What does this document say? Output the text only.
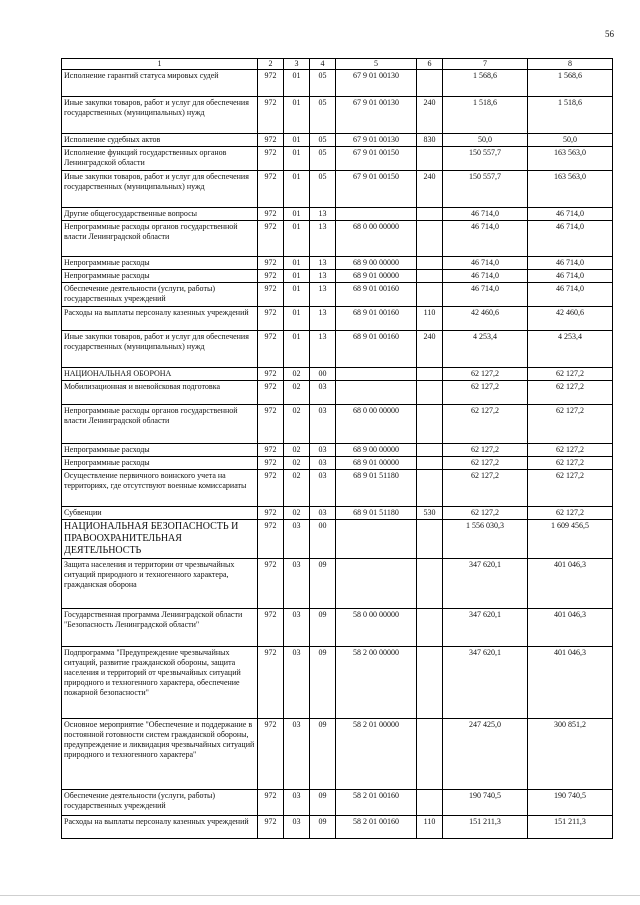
56
1	2	3	4	5	6	7	8
Исполнение гарантий статуса мировых судей	972	01	05	67 9 01 00130		1 568,6	1 568,6
Иные закупки товаров, работ и услуг для обеспечения государственных (муниципальных) нужд	972	01	05	67 9 01 00130	240	1 518,6	1 518,6
Исполнение судебных актов	972	01	05	67 9 01 00130	830	50,0	50,0
Исполнение функций государственных органов Ленинградской области	972	01	05	67 9 01 00150		150 557,7	163 563,0
Иные закупки товаров, работ и услуг для обеспечения государственных (муниципальных) нужд	972	01	05	67 9 01 00150	240	150 557,7	163 563,0
Другие общегосударственные вопросы	972	01	13			46 714,0	46 714,0
Непрограммные расходы органов государственной власти Ленинградской области	972	01	13	68 0 00 00000		46 714,0	46 714,0
Непрограммные расходы	972	01	13	68 9 00 00000		46 714,0	46 714,0
Непрограммные расходы	972	01	13	68 9 01 00000		46 714,0	46 714,0
Обеспечение деятельности (услуги, работы) государственных учреждений	972	01	13	68 9 01 00160		46 714,0	46 714,0
Расходы на выплаты персоналу казенных учреждений	972	01	13	68 9 01 00160	110	42 460,6	42 460,6
Иные закупки товаров, работ и услуг для обеспечения государственных (муниципальных) нужд	972	01	13	68 9 01 00160	240	4 253,4	4 253,4
НАЦИОНАЛЬНАЯ ОБОРОНА	972	02	00			62 127,2	62 127,2
Мобилизационная и вневойсковая подготовка	972	02	03			62 127,2	62 127,2
Непрограммные расходы органов государственной власти Ленинградской области	972	02	03	68 0 00 00000		62 127,2	62 127,2
Непрограммные расходы	972	02	03	68 9 00 00000		62 127,2	62 127,2
Непрограммные расходы	972	02	03	68 9 01 00000		62 127,2	62 127,2
Осуществление первичного воинского учета на территориях, где отсутствуют военные комиссариаты	972	02	03	68 9 01 51180		62 127,2	62 127,2
Субвенции	972	02	03	68 9 01 51180	530	62 127,2	62 127,2
НАЦИОНАЛЬНАЯ БЕЗОПАСНОСТЬ И ПРАВООХРАНИТЕЛЬНАЯ ДЕЯТЕЛЬНОСТЬ	972	03	00			1 556 030,3	1 609 456,5
Защита населения и территории от чрезвычайных ситуаций природного и техногенного характера, гражданская оборона	972	03	09			347 620,1	401 046,3
Государственная программа Ленинградской области "Безопасность Ленинградской области"	972	03	09	58 0 00 00000		347 620,1	401 046,3
Подпрограмма "Предупреждение чрезвычайных ситуаций, развитие гражданской обороны, защита населения и территорий от чрезвычайных ситуаций природного и техногенного характера, обеспечение пожарной безопасности"	972	03	09	58 2 00 00000		347 620,1	401 046,3
Основное мероприятие "Обеспечение и поддержание в постоянной готовности систем гражданской обороны, предупреждение и ликвидация чрезвычайных ситуаций природного и техногенного характера"	972	03	09	58 2 01 00000		247 425,0	300 851,2
Обеспечение деятельности (услуги, работы) государственных учреждений	972	03	09	58 2 01 00160		190 740,5	190 740,5
Расходы на выплаты персоналу казенных учреждений	972	03	09	58 2 01 00160	110	151 211,3	151 211,3
